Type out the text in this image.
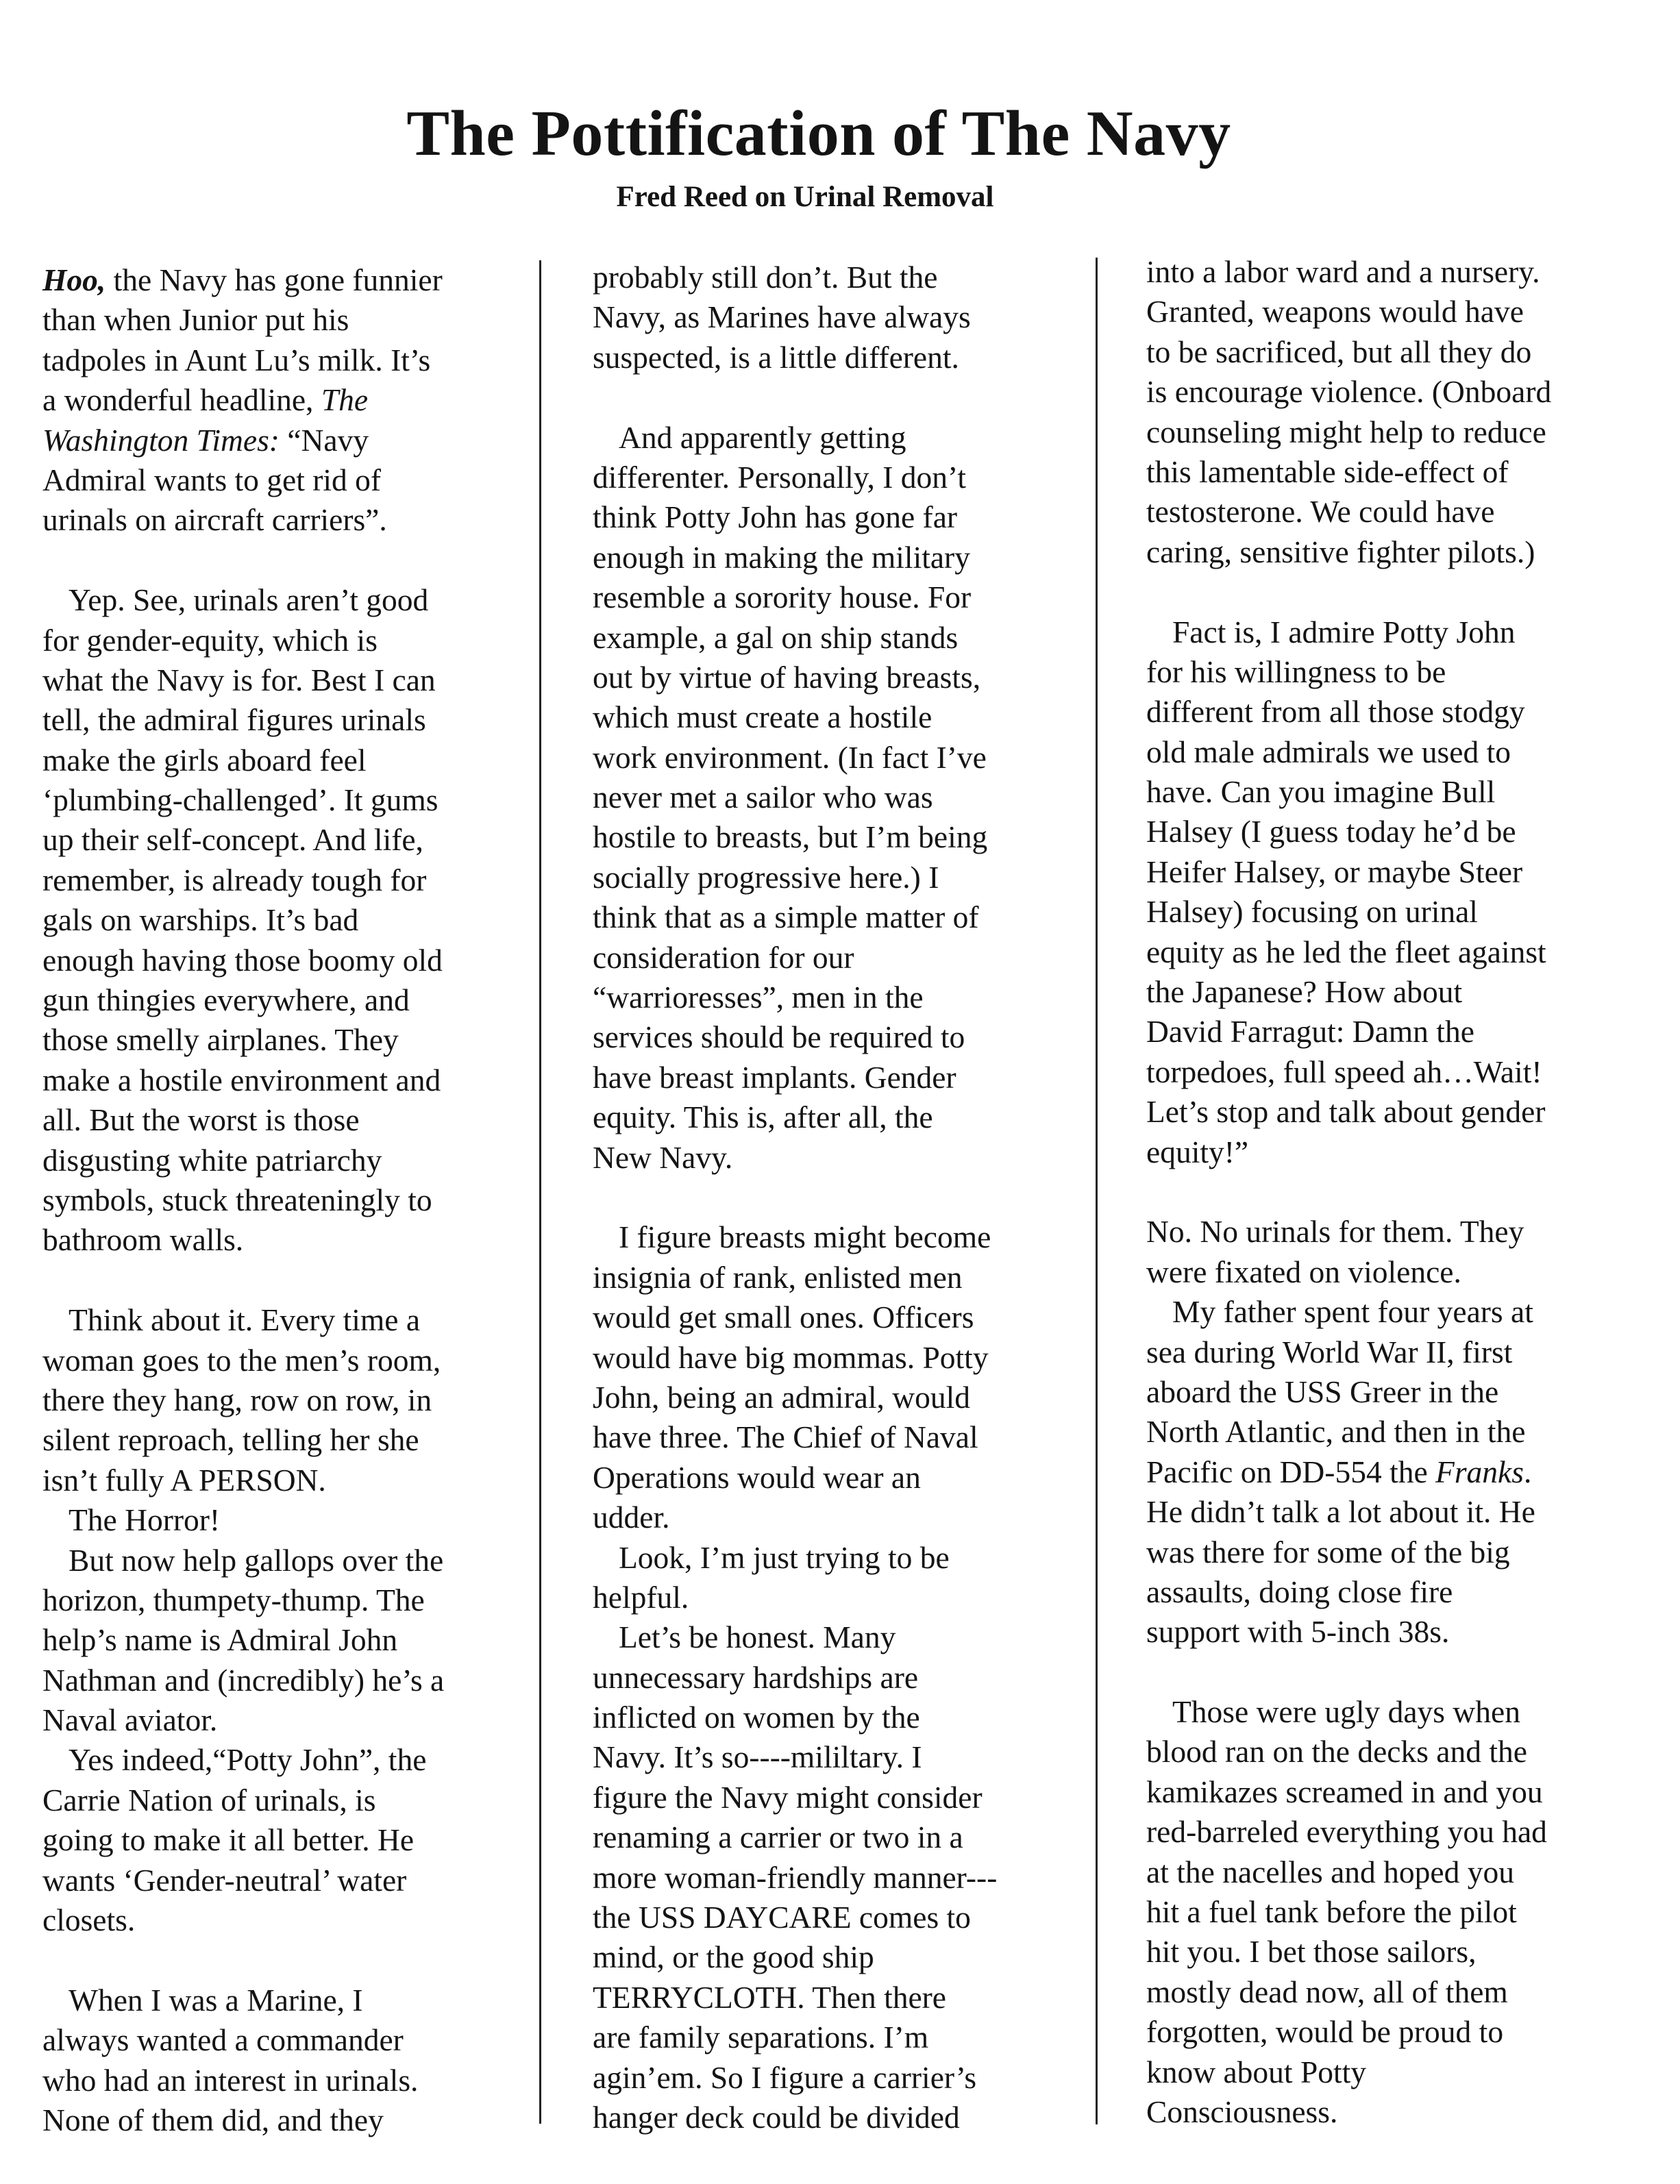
The Pottification of The Navy
Fred Reed on Urinal Removal
Hoo, the Navy has gone funnier
than when Junior put his
tadpoles in Aunt Lu’s milk. It’s
a wonderful headline, The
Washington Times: “Navy
Admiral wants to get rid of
urinals on aircraft carriers”.
Yep. See, urinals aren’t good
for gender-equity, which is
what the Navy is for. Best I can
tell, the admiral figures urinals
make the girls aboard feel
‘plumbing-challenged’. It gums
up their self-concept. And life,
remember, is already tough for
gals on warships. It’s bad
enough having those boomy old
gun thingies everywhere, and
those smelly airplanes. They
make a hostile environment and
all. But the worst is those
disgusting white patriarchy
symbols, stuck threateningly to
bathroom walls.
Think about it. Every time a
woman goes to the men’s room,
there they hang, row on row, in
silent reproach, telling her she
isn’t fully A PERSON.
The Horror!
But now help gallops over the
horizon, thumpety-thump. The
help’s name is Admiral John
Nathman and (incredibly) he’s a
Naval aviator.
Yes indeed,“Potty John”, the
Carrie Nation of urinals, is
going to make it all better. He
wants ‘Gender-neutral’ water
closets.
When I was a Marine, I
always wanted a commander
who had an interest in urinals.
None of them did, and they
probably still don’t. But the
Navy, as Marines have always
suspected, is a little different.
And apparently getting
differenter. Personally, I don’t
think Potty John has gone far
enough in making the military
resemble a sorority house. For
example, a gal on ship stands
out by virtue of having breasts,
which must create a hostile
work environment. (In fact I’ve
never met a sailor who was
hostile to breasts, but I’m being
socially progressive here.) I
think that as a simple matter of
consideration for our
“warrioresses”, men in the
services should be required to
have breast implants. Gender
equity. This is, after all, the
New Navy.
I figure breasts might become
insignia of rank, enlisted men
would get small ones. Officers
would have big mommas. Potty
John, being an admiral, would
have three. The Chief of Naval
Operations would wear an
udder.
Look, I’m just trying to be
helpful.
Let’s be honest. Many
unnecessary hardships are
inflicted on women by the
Navy. It’s so----mililtary. I
figure the Navy might consider
renaming a carrier or two in a
more woman-friendly manner---
the USS DAYCARE comes to
mind, or the good ship
TERRYCLOTH. Then there
are family separations. I’m
agin’em. So I figure a carrier’s
hanger deck could be divided
into a labor ward and a nursery.
Granted, weapons would have
to be sacrificed, but all they do
is encourage violence. (Onboard
counseling might help to reduce
this lamentable side-effect of
testosterone. We could have
caring, sensitive fighter pilots.)
Fact is, I admire Potty John
for his willingness to be
different from all those stodgy
old male admirals we used to
have. Can you imagine Bull
Halsey (I guess today he’d be
Heifer Halsey, or maybe Steer
Halsey) focusing on urinal
equity as he led the fleet against
the Japanese? How about
David Farragut: Damn the
torpedoes, full speed ah…Wait!
Let’s stop and talk about gender
equity!”
No. No urinals for them. They
were fixated on violence.
My father spent four years at
sea during World War II, first
aboard the USS Greer in the
North Atlantic, and then in the
Pacific on DD-554 the Franks.
He didn’t talk a lot about it. He
was there for some of the big
assaults, doing close fire
support with 5-inch 38s.
Those were ugly days when
blood ran on the decks and the
kamikazes screamed in and you
red-barreled everything you had
at the nacelles and hoped you
hit a fuel tank before the pilot
hit you. I bet those sailors,
mostly dead now, all of them
forgotten, would be proud to
know about Potty
Consciousness.
